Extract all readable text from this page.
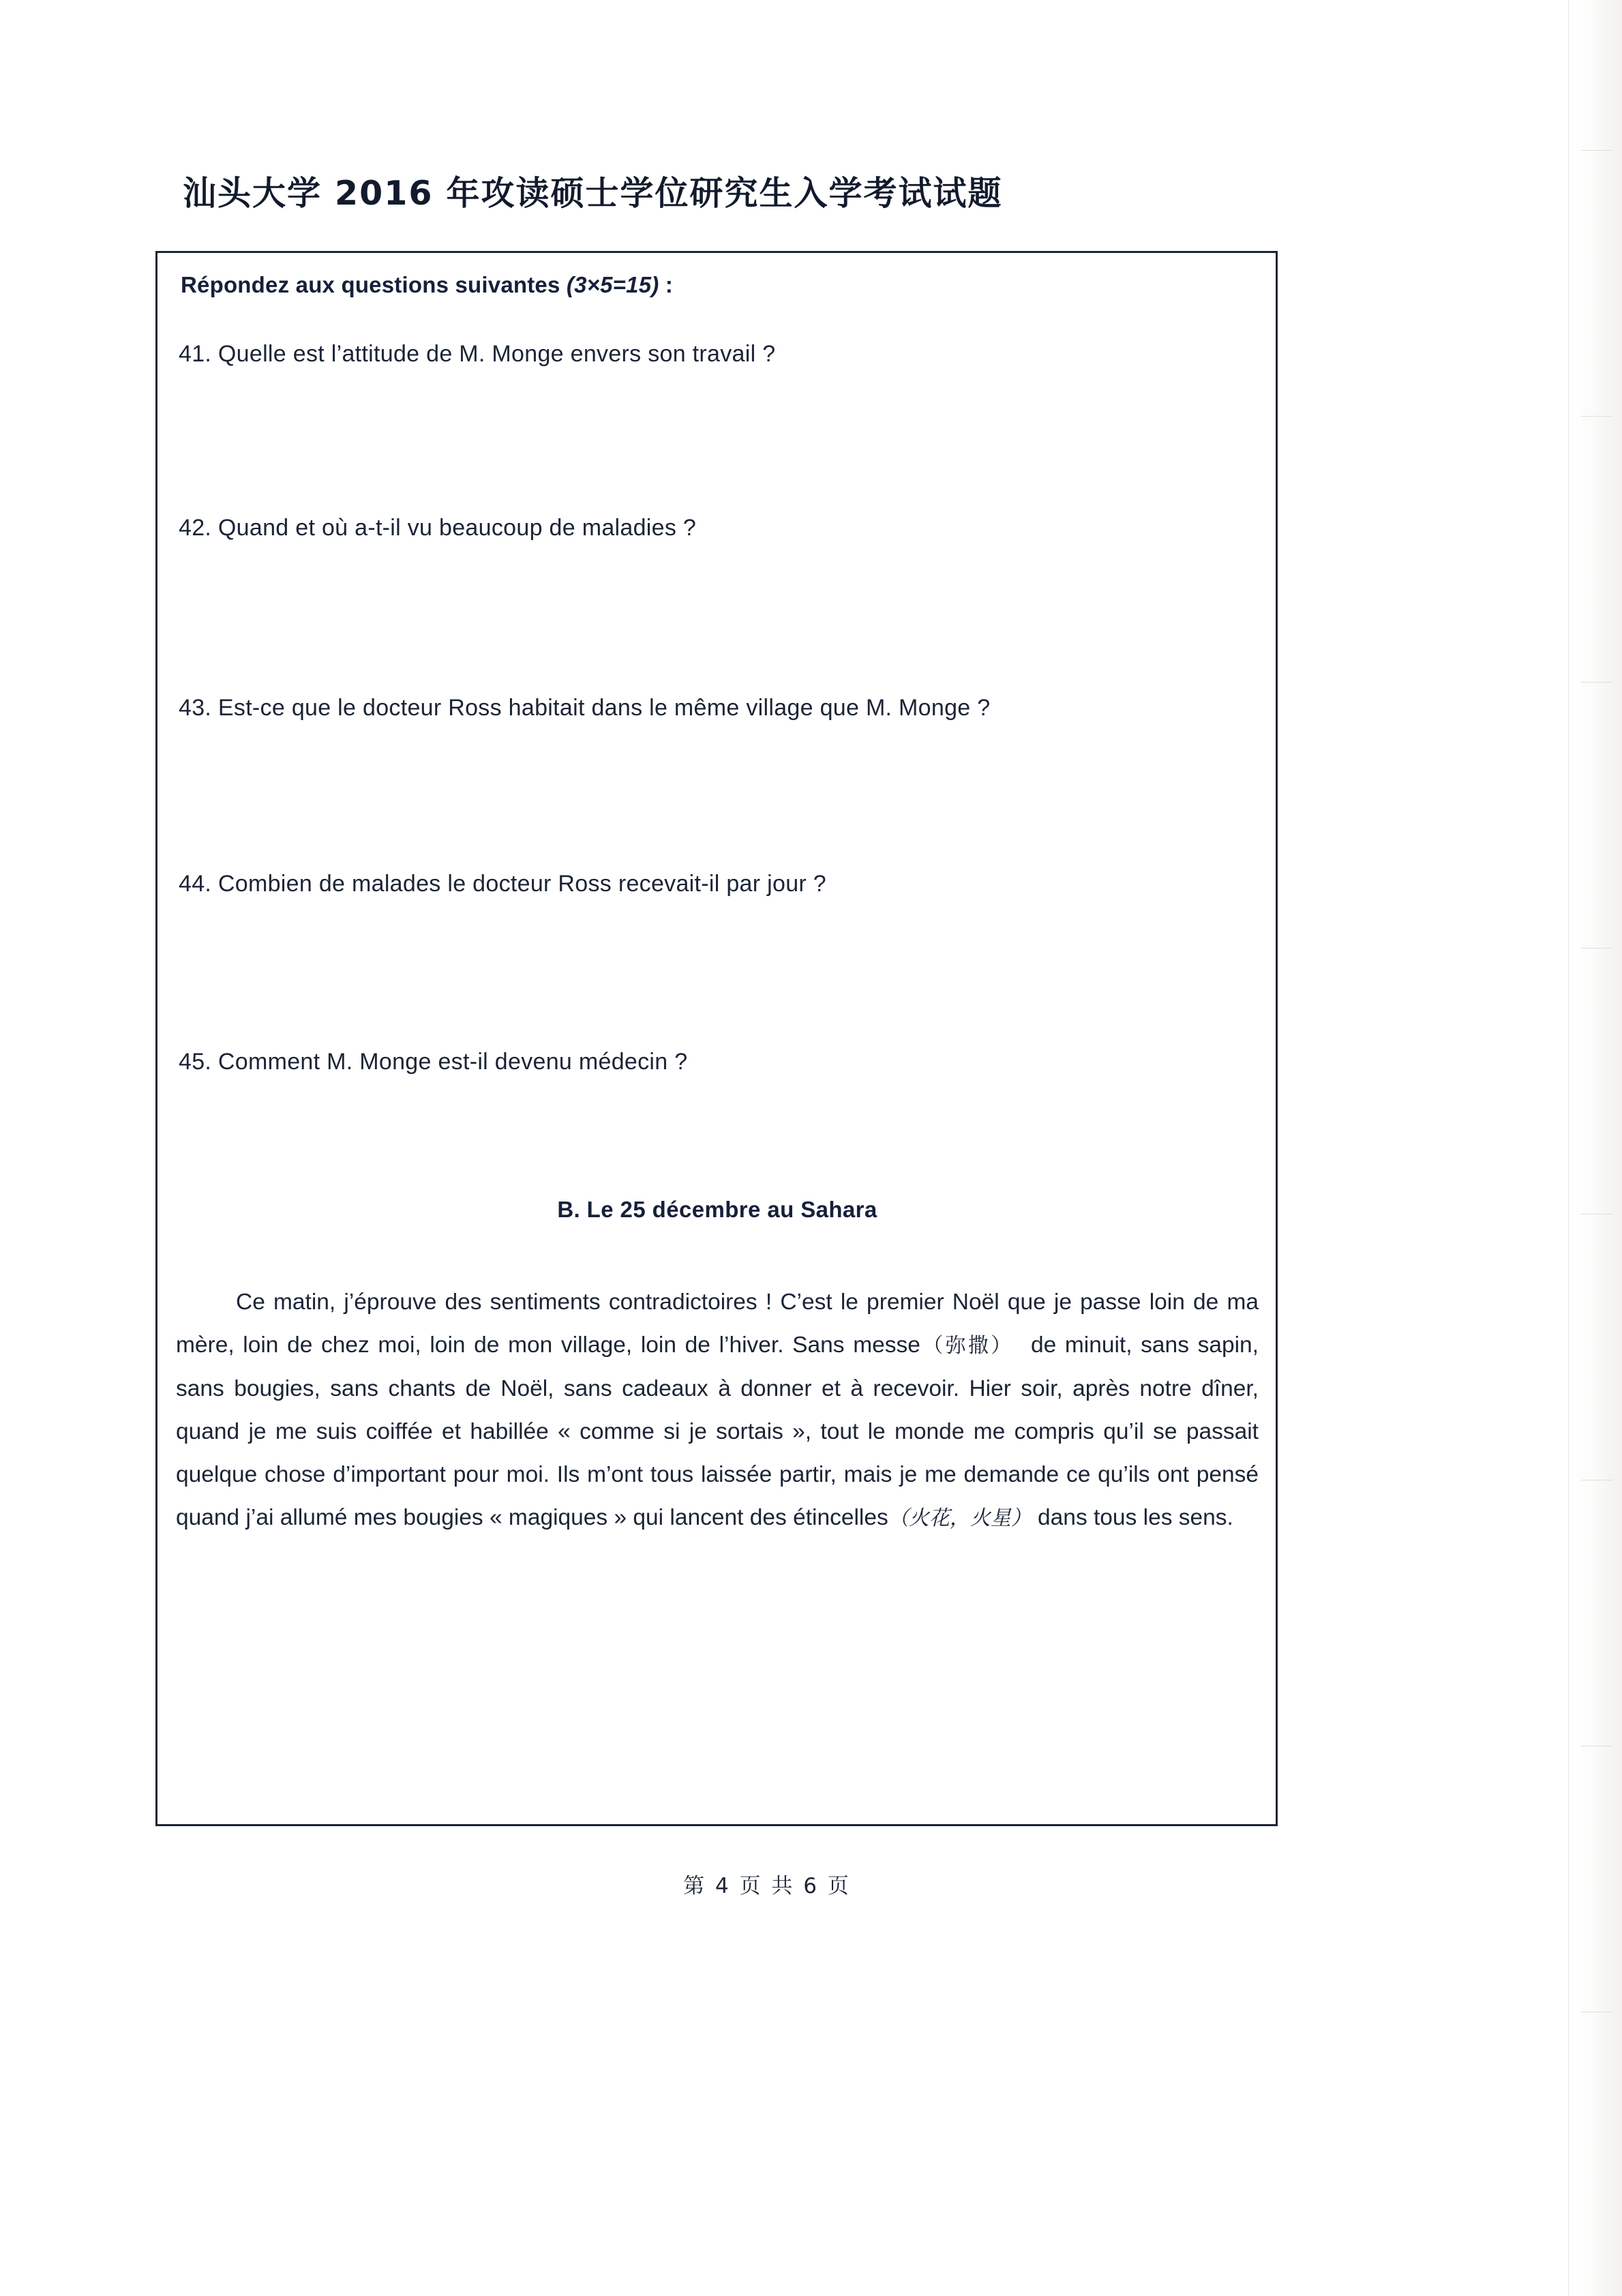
汕头大学 2016 年攻读硕士学位研究生入学考试试题
Répondez aux questions suivantes (3×5=15) :
41. Quelle est l’attitude de M. Monge envers son travail ?
42. Quand et où a-t-il vu beaucoup de maladies ?
43. Est-ce que le docteur Ross habitait dans le même village que M. Monge ?
44. Combien de malades le docteur Ross recevait-il par jour ?
45. Comment M. Monge est-il devenu médecin ?
B. Le 25 décembre au Sahara

Ce matin, j’éprouve des sentiments contradictoires ! C’est le premier Noël que je passe loin de ma mère, loin de chez moi, loin de mon village, loin de l’hiver. Sans messe（弥撒） de minuit, sans sapin, sans bougies, sans chants de Noël, sans cadeaux à donner et à recevoir. Hier soir, après notre dîner, quand je me suis coiffée et habillée « comme si je sortais », tout le monde me compris qu’il se passait quelque chose d’important pour moi. Ils m’ont tous laissée partir, mais je me demande ce qu’ils ont pensé quand j’ai allumé mes bougies « magiques » qui lancent des étincelles（火花，火星） dans tous les sens.

第 4 页 共 6 页
